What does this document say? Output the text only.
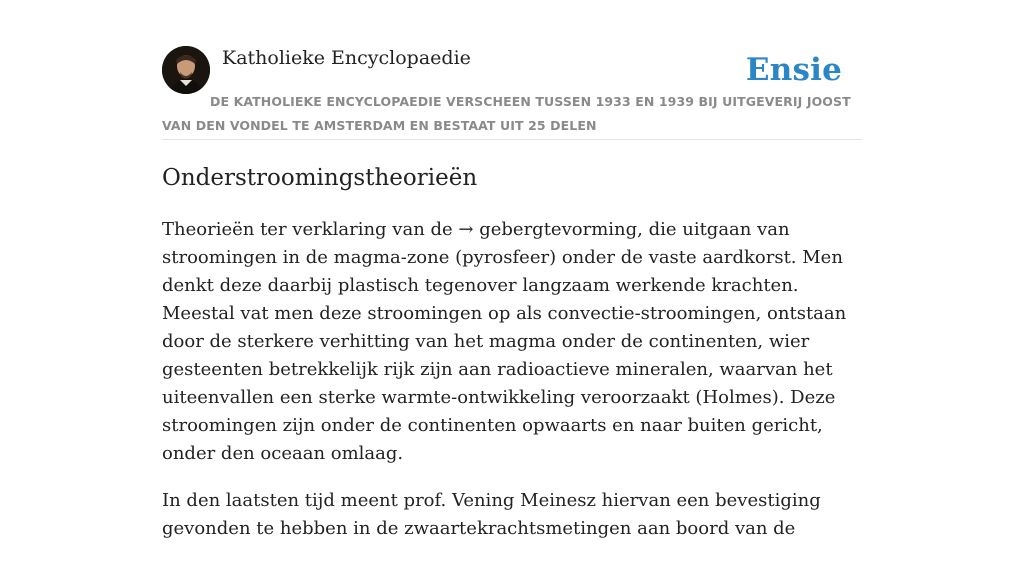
Katholieke Encyclopaedie	Ensie
DE KATHOLIEKE ENCYCLOPAEDIE VERSCHEEN TUSSEN 1933 EN 1939 BIJ UITGEVERIJ JOOST VAN DEN VONDEL TE AMSTERDAM EN BESTAAT UIT 25 DELEN
Onderstroomingstheorieën

Theorieën ter verklaring van de → gebergtevorming, die uitgaan van stroomingen in de magma-zone (pyrosfeer) onder de vaste aardkorst. Men denkt deze daarbij plastisch tegenover langzaam werkende krachten. Meestal vat men deze stroomingen op als convectie-stroomingen, ontstaan door de sterkere verhitting van het magma onder de continenten, wier gesteenten betrekkelijk rijk zijn aan radioactieve mineralen, waarvan het uiteenvallen een sterke warmte-ontwikkeling veroorzaakt (Holmes). Deze stroomingen zijn onder de continenten opwaarts en naar buiten gericht, onder den oceaan omlaag.

In den laatsten tijd meent prof. Vening Meinesz hiervan een bevestiging gevonden te hebben in de zwaartekrachtsmetingen aan boord van de
